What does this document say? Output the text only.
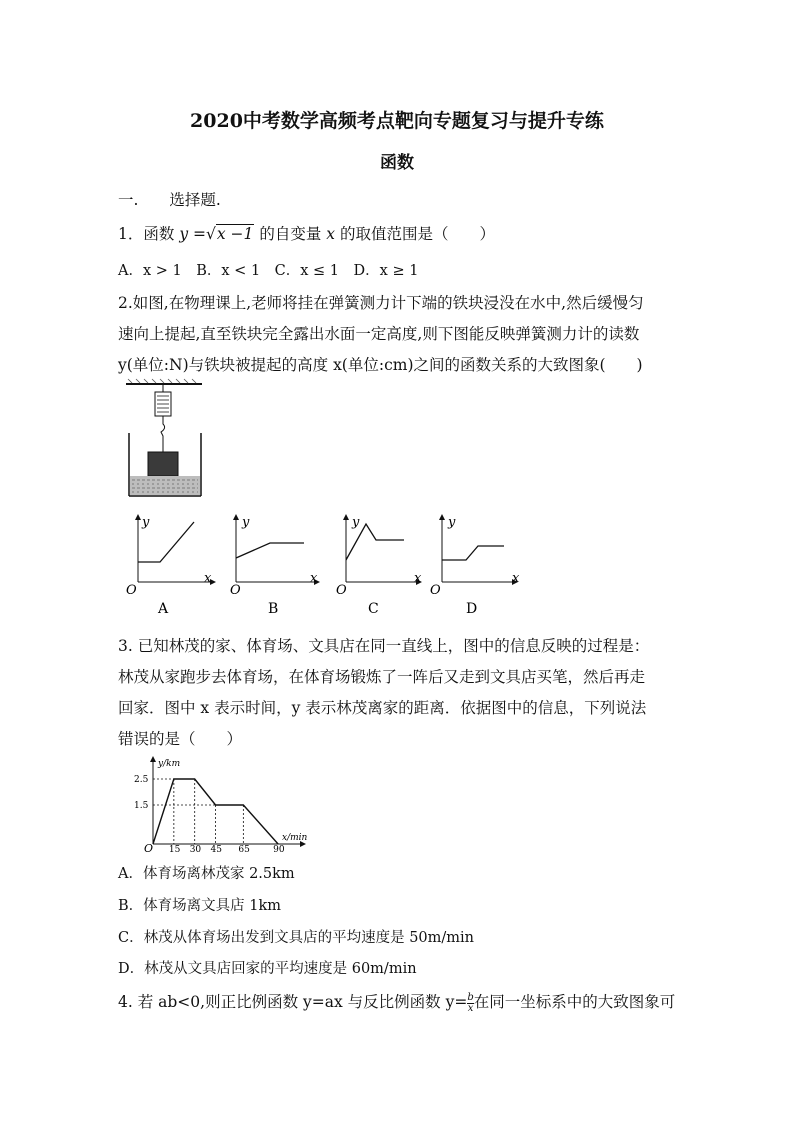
2020中考数学高频考点靶向专题复习与提升专练
函数
一.　　选择题.
1．函数 y =√x −1 的自变量 x 的取值范围是（　　）
A．x > 1　B．x < 1　C．x ≤ 1　D．x ≥ 1
2.如图,在物理课上,老师将挂在弹簧测力计下端的铁块浸没在水中,然后缓慢匀
速向上提起,直至铁块完全露出水面一定高度,则下图能反映弹簧测力计的读数
y(单位:N)与铁块被提起的高度 x(单位:cm)之间的函数关系的大致图象(　　)
y
x
O
A
y
x
O
B
y
x
O
C
y
x
O
D
3. 已知林茂的家、体育场、文具店在同一直线上，图中的信息反映的过程是：
林茂从家跑步去体育场，在体育场锻炼了一阵后又走到文具店买笔，然后再走
回家．图中 x 表示时间，y 表示林茂离家的距离．依据图中的信息，下列说法
错误的是（　　）
y/km
x/min
O
2.5
1.5
15 30 45 65	90
A．体育场离林茂家 2.5km
B．体育场离文具店 1km
C．林茂从体育场出发到文具店的平均速度是 50m/min
D．林茂从文具店回家的平均速度是 60m/min
4. 若 ab<0,则正比例函数 y=ax 与反比例函数 $y= \frac{b}{x}$ 在同一坐标系中的大致图象可
